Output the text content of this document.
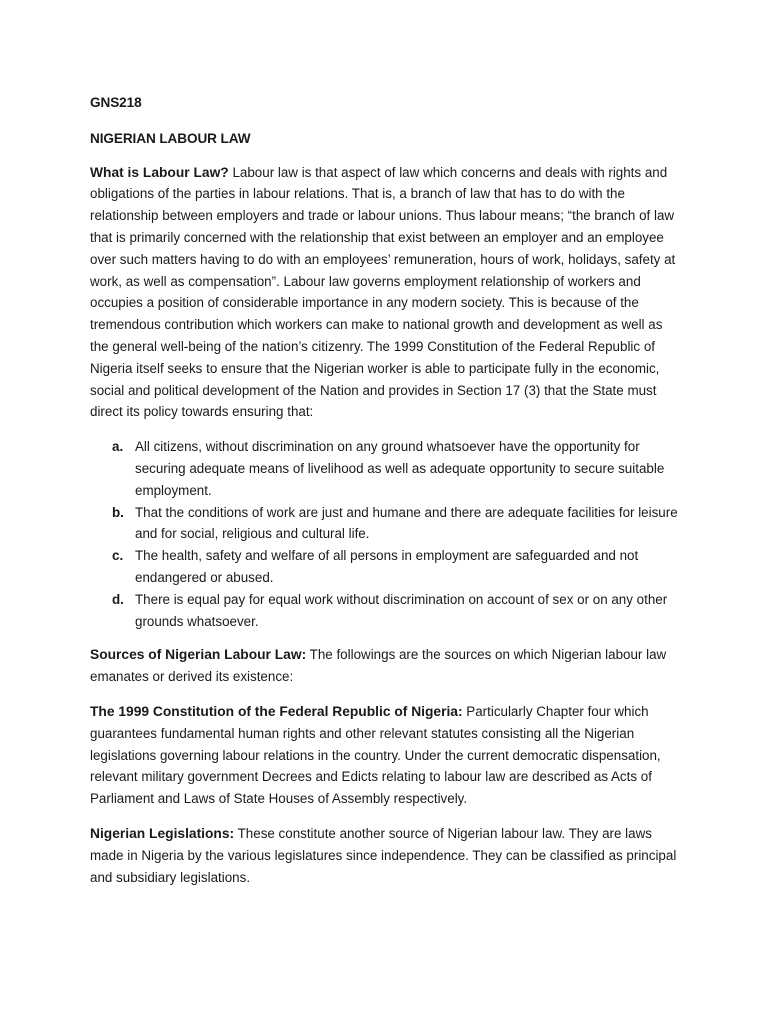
GNS218

NIGERIAN LABOUR LAW

What is Labour Law? Labour law is that aspect of law which concerns and deals with rights and obligations of the parties in labour relations. That is, a branch of law that has to do with the relationship between employers and trade or labour unions. Thus labour means; “the branch of law that is primarily concerned with the relationship that exist between an employer and an employee over such matters having to do with an employees’ remuneration, hours of work, holidays, safety at work, as well as compensation”. Labour law governs employment relationship of workers and occupies a position of considerable importance in any modern society. This is because of the tremendous contribution which workers can make to national growth and development as well as the general well-being of the nation’s citizenry. The 1999 Constitution of the Federal Republic of Nigeria itself seeks to ensure that the Nigerian worker is able to participate fully in the economic, social and political development of the Nation and provides in Section 17 (3) that the State must direct its policy towards ensuring that:

a. All citizens, without discrimination on any ground whatsoever have the opportunity for securing adequate means of livelihood as well as adequate opportunity to secure suitable employment.
b. That the conditions of work are just and humane and there are adequate facilities for leisure and for social, religious and cultural life.
c. The health, safety and welfare of all persons in employment are safeguarded and not endangered or abused.
d. There is equal pay for equal work without discrimination on account of sex or on any other grounds whatsoever.

Sources of Nigerian Labour Law: The followings are the sources on which Nigerian labour law emanates or derived its existence:

The 1999 Constitution of the Federal Republic of Nigeria: Particularly Chapter four which guarantees fundamental human rights and other relevant statutes consisting all the Nigerian legislations governing labour relations in the country. Under the current democratic dispensation, relevant military government Decrees and Edicts relating to labour law are described as Acts of Parliament and Laws of State Houses of Assembly respectively.

Nigerian Legislations: These constitute another source of Nigerian labour law. They are laws made in Nigeria by the various legislatures since independence. They can be classified as principal and subsidiary legislations.
